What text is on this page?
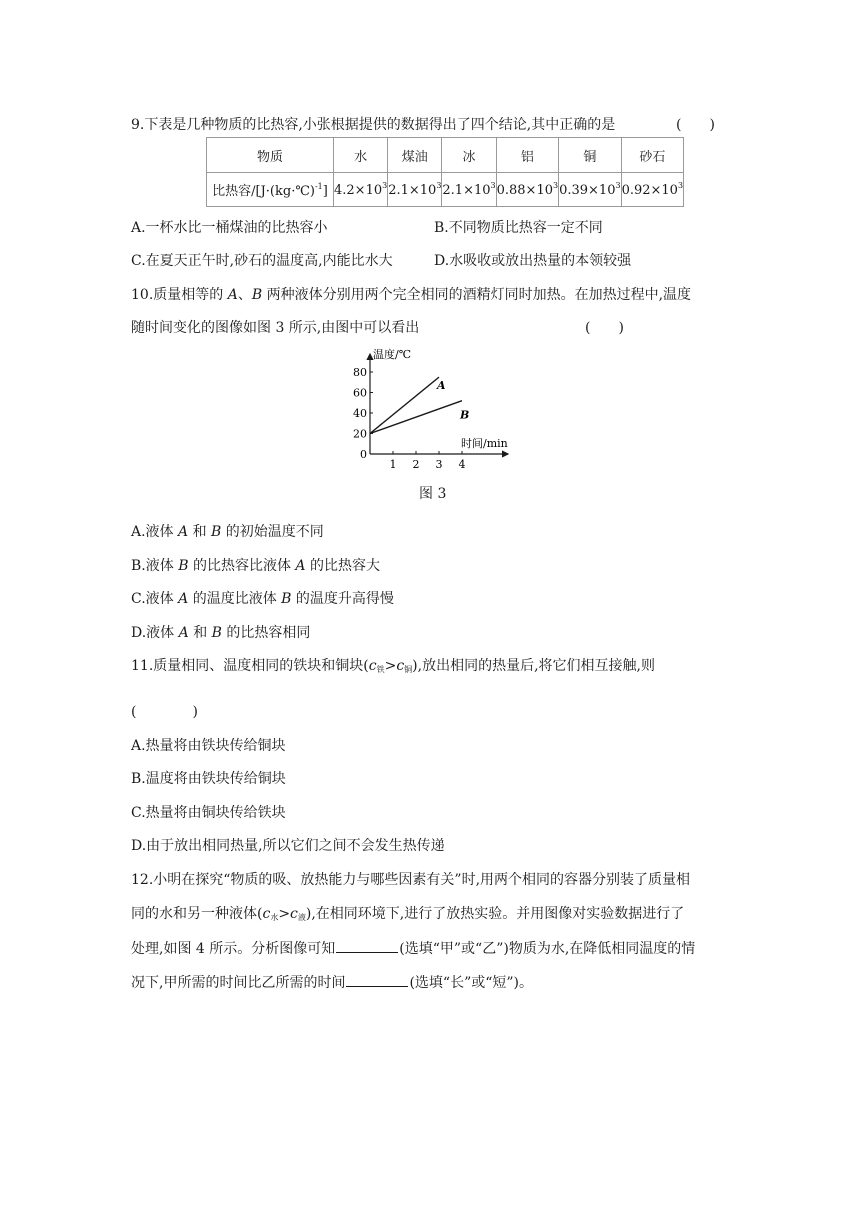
9.下表是几种物质的比热容,小张根据提供的数据得出了四个结论,其中正确的是	(　　)
物质	水	煤油	冰	铝	铜	砂石
比热容/[J·(kg·℃)$^{-1}$]	$4.2\times 10^3$	$2.1\times 10^3$	$2.1\times 10^3$	$0.88\times 10^3$	$0.39\times 10^3$	$0.92\times 10^3$
A.一杯水比一桶煤油的比热容小	B.不同物质比热容一定不同
C.在夏天正午时,砂石的温度高,内能比水大	D.水吸收或放出热量的本领较强
10.质量相等的 A、B 两种液体分别用两个完全相同的酒精灯同时加热。在加热过程中,温度
随时间变化的图像如图 3 所示,由图中可以看出	(　　)
温度/℃
时间/min
0
20
40
60
80
1 2 3 4
A
B
图 3
A.液体 A 和 B 的初始温度不同
B.液体 B 的比热容比液体 A 的比热容大
C.液体 A 的温度比液体 B 的温度升高得慢
D.液体 A 和 B 的比热容相同
11.质量相同、温度相同的铁块和铜块$(c_铁>c_铜)$,放出相同的热量后,将它们相互接触,则
(　　　　)
A.热量将由铁块传给铜块
B.温度将由铁块传给铜块
C.热量将由铜块传给铁块
D.由于放出相同热量,所以它们之间不会发生热传递
12.小明在探究“物质的吸、放热能力与哪些因素有关”时,用两个相同的容器分别装了质量相
同的水和另一种液体$(c_水>c_液)$,在相同环境下,进行了放热实验。并用图像对实验数据进行了
处理,如图 4 所示。分析图像可知	(选填“甲”或“乙”)物质为水,在降低相同温度的情
况下,甲所需的时间比乙所需的时间	(选填“长”或“短”)。
